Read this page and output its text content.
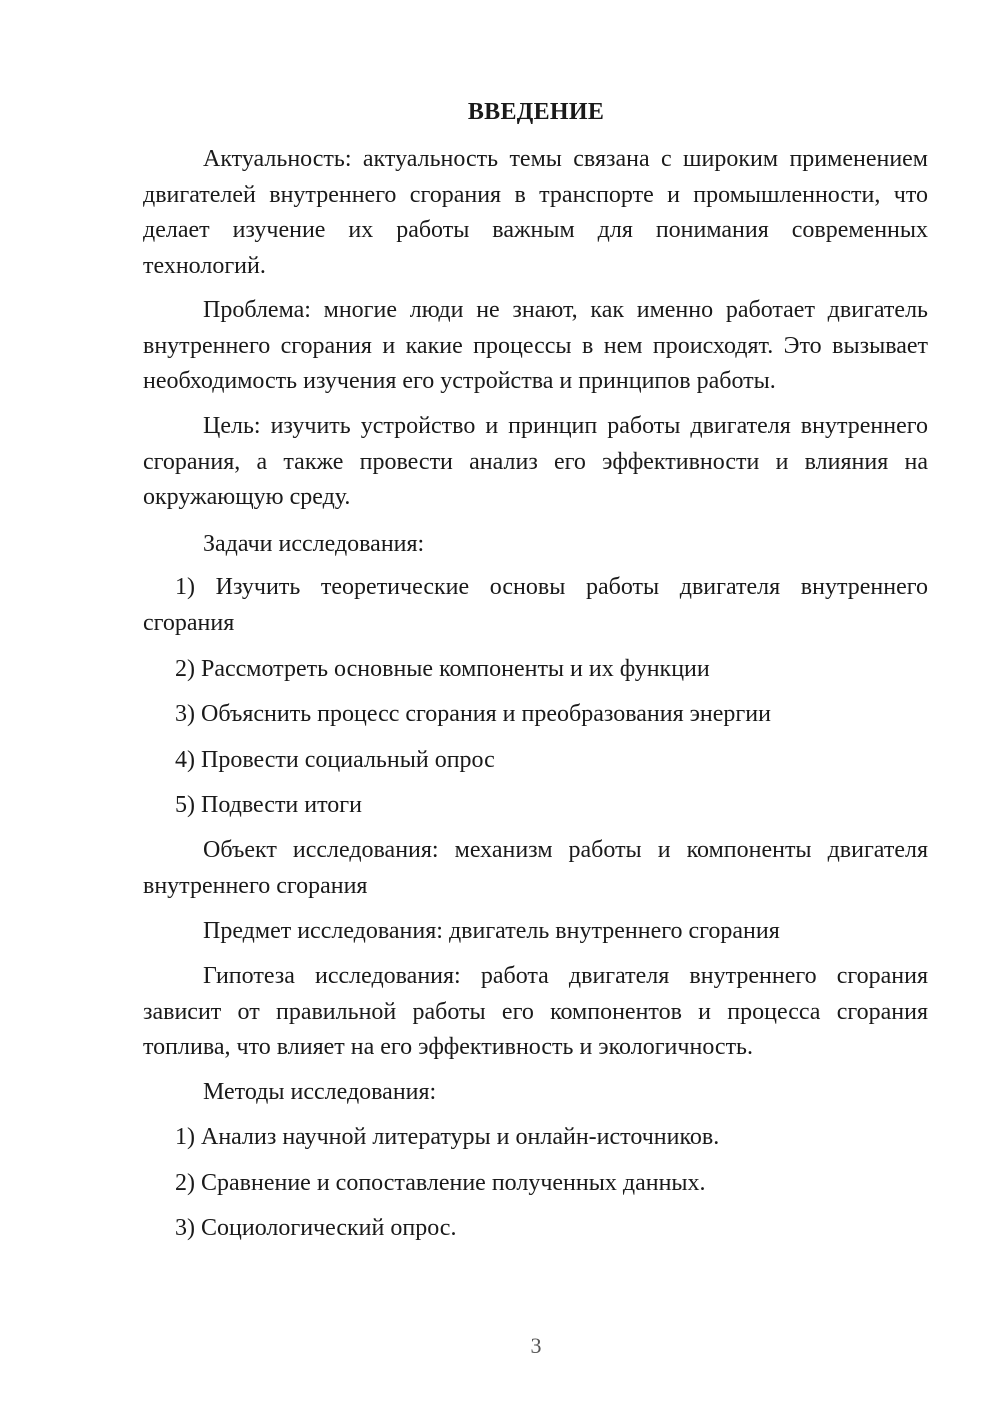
ВВЕДЕНИЕ

Актуальность: актуальность темы связана с широким применением двигателей внутреннего сгорания в транспорте и промышленности, что делает изучение их работы важным для понимания современных технологий.

Проблема: многие люди не знают, как именно работает двигатель внутреннего сгорания и какие процессы в нем происходят. Это вызывает необходимость изучения его устройства и принципов работы.

Цель: изучить устройство и принцип работы двигателя внутреннего сгорания, а также провести анализ его эффективности и влияния на окружающую среду.

Задачи исследования:

1) Изучить теоретические основы работы двигателя внутреннего сгорания

2) Рассмотреть основные компоненты и их функции

3) Объяснить процесс сгорания и преобразования энергии

4) Провести социальный опрос

5) Подвести итоги

Объект исследования: механизм работы и компоненты двигателя внутреннего сгорания

Предмет исследования: двигатель внутреннего сгорания

Гипотеза исследования: работа двигателя внутреннего сгорания зависит от правильной работы его компонентов и процесса сгорания топлива, что влияет на его эффективность и экологичность.

Методы исследования:

1) Анализ научной литературы и онлайн-источников.

2) Сравнение и сопоставление полученных данных.

3) Социологический опрос.

3
